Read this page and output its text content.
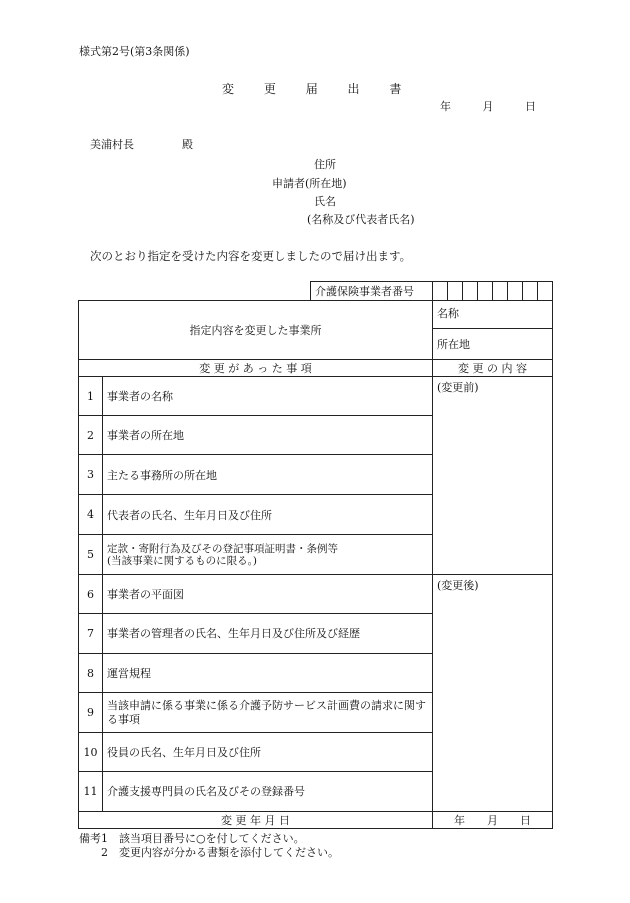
様式第2号(第3条関係)
変 更 届 出 書
年	月	日
美浦村長	殿
住所
申請者(所在地)
氏名
(名称及び代表者氏名)
次のとおり指定を受けた内容を変更しましたので届け出ます。
		介護保険事業者番号								
指定内容を変更した事業所			名称							
			所在地							
変 更 が あ っ た 事 項			変 更 の 内 容							
1	事業者の名称		(変更前)							
2	事業者の所在地									
3	主たる事務所の所在地									
4	代表者の氏名、生年月日及び住所									
5	定款・寄附行為及びその登記事項証明書・条例等
(当該事業に関するものに限る。)									
6	事業者の平面図		(変更後)							
7	事業者の管理者の氏名、生年月日及び住所及び経歴									
8	運営規程									
9	当該申請に係る事業に係る介護予防サービス計画費の請求に関する事項									
10	役員の氏名、生年月日及び住所									
11	介護支援専門員の氏名及びその登録番号									
変 更 年 月 日			年　　月　　日							
備考1　該当項目番号に○を付してください。
2　変更内容が分かる書類を添付してください。
